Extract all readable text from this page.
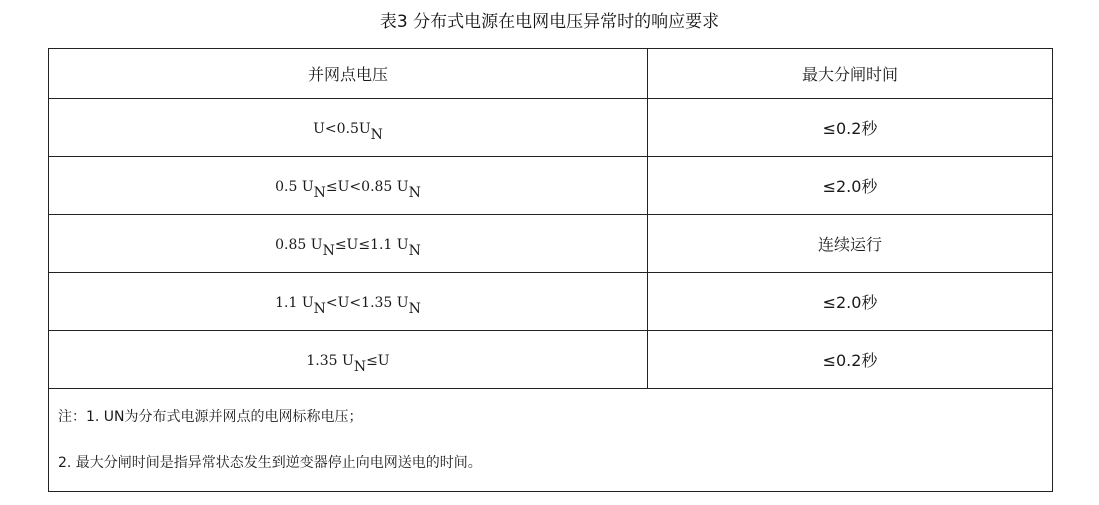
表3 分布式电源在电网电压异常时的响应要求
并网点电压	最大分闸时间
$U<0.5U_N$	≤0.2秒
0.5 $U_N\le U<0.85$ $U_N$	≤2.0秒
0.85 $U_N\le U\le 1.1$ $U_N$	连续运行
1.1 $U_N<U<1.35$ $U_N$	≤2.0秒
1.35 $U_N\le U$	≤0.2秒

注：1. UN为分布式电源并网点的电网标称电压；
2. 最大分闸时间是指异常状态发生到逆变器停止向电网送电的时间。	
